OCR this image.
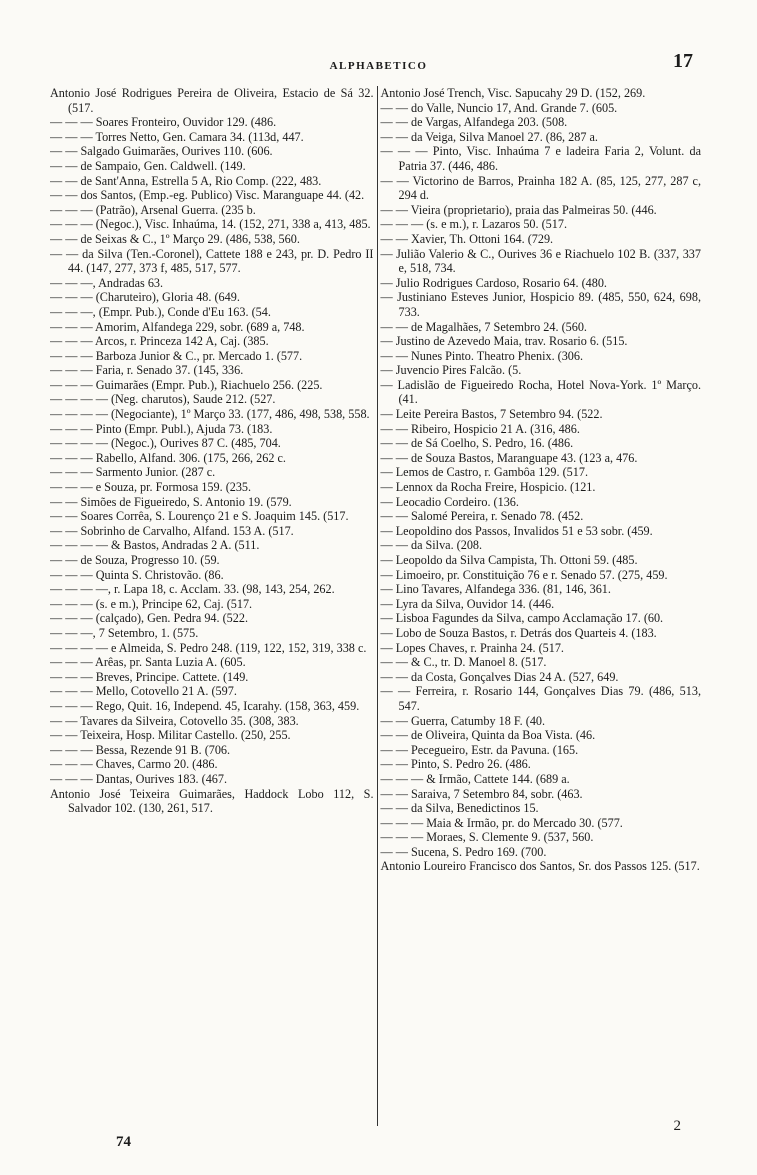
ALPHABETICO	17

Antonio José Rodrigues Pereira de Oliveira, Estacio de Sá 32. (517.

— — — Soares Fronteiro, Ouvidor 129. (486.

— — — Torres Netto, Gen. Camara 34. (113d, 447.

— — Salgado Guimarães, Ourives 110. (606.

— — de Sampaio, Gen. Caldwell. (149.

— — de Sant'Anna, Estrella 5 A, Rio Comp. (222, 483.

— — dos Santos, (Emp.-eg. Publico) Visc. Maranguape 44. (42.

— — — (Patrão), Arsenal Guerra. (235 b.

— — — (Negoc.), Visc. Inhaúma, 14. (152, 271, 338 a, 413, 485.

— — de Seixas & C., 1º Março 29. (486, 538, 560.

— — da Silva (Ten.-Coronel), Cattete 188 e 243, pr. D. Pedro II 44. (147, 277, 373 f, 485, 517, 577.

— — —, Andradas 63.

— — — (Charuteiro), Gloria 48. (649.

— — —, (Empr. Pub.), Conde d'Eu 163. (54.

— — — Amorim, Alfandega 229, sobr. (689 a, 748.

— — — Arcos, r. Princeza 142 A, Caj. (385.

— — — Barboza Junior & C., pr. Mercado 1. (577.

— — — Faria, r. Senado 37. (145, 336.

— — — Guimarães (Empr. Pub.), Riachuelo 256. (225.

— — — — (Neg. charutos), Saude 212. (527.

— — — — (Negociante), 1º Março 33. (177, 486, 498, 538, 558.

— — — Pinto (Empr. Publ.), Ajuda 73. (183.

— — — — (Negoc.), Ourives 87 C. (485, 704.

— — — Rabello, Alfand. 306. (175, 266, 262 c.

— — — Sarmento Junior. (287 c.

— — — e Souza, pr. Formosa 159. (235.

— — Simões de Figueiredo, S. Antonio 19. (579.

— — Soares Corrêa, S. Lourenço 21 e S. Joaquim 145. (517.

— — Sobrinho de Carvalho, Alfand. 153 A. (517.

— — — — & Bastos, Andradas 2 A. (511.

— — de Souza, Progresso 10. (59.

— — — Quinta S. Christovão. (86.

— — — —, r. Lapa 18, c. Acclam. 33. (98, 143, 254, 262.

— — — (s. e m.), Principe 62, Caj. (517.

— — — (calçado), Gen. Pedra 94. (522.

— — —, 7 Setembro, 1. (575.

— — — — e Almeida, S. Pedro 248. (119, 122, 152, 319, 338 c.

— — — Arêas, pr. Santa Luzia A. (605.

— — — Breves, Principe. Cattete. (149.

— — — Mello, Cotovello 21 A. (597.

— — — Rego, Quit. 16, Independ. 45, Icarahy. (158, 363, 459.

— — Tavares da Silveira, Cotovello 35. (308, 383.

— — Teixeira, Hosp. Militar Castello. (250, 255.

— — — Bessa, Rezende 91 B. (706.

— — — Chaves, Carmo 20. (486.

— — — Dantas, Ourives 183. (467.

Antonio José Teixeira Guimarães, Haddock Lobo 112, S. Salvador 102. (130, 261, 517.

Antonio José Trench, Visc. Sapucahy 29 D. (152, 269.

— — do Valle, Nuncio 17, And. Grande 7. (605.

— — de Vargas, Alfandega 203. (508.

— — da Veiga, Silva Manoel 27. (86, 287 a.

— — — Pinto, Visc. Inhaúma 7 e ladeira Faria 2, Volunt. da Patria 37. (446, 486.

— — Victorino de Barros, Prainha 182 A. (85, 125, 277, 287 c, 294 d.

— — Vieira (proprietario), praia das Palmeiras 50. (446.

— — — (s. e m.), r. Lazaros 50. (517.

— — Xavier, Th. Ottoni 164. (729.

— Julião Valerio & C., Ourives 36 e Riachuelo 102 B. (337, 337 e, 518, 734.

— Julio Rodrigues Cardoso, Rosario 64. (480.

— Justiniano Esteves Junior, Hospicio 89. (485, 550, 624, 698, 733.

— — de Magalhães, 7 Setembro 24. (560.

— Justino de Azevedo Maia, trav. Rosario 6. (515.

— — Nunes Pinto. Theatro Phenix. (306.

— Juvencio Pires Falcão. (5.

— Ladislão de Figueiredo Rocha, Hotel Nova-York. 1º Março. (41.

— Leite Pereira Bastos, 7 Setembro 94. (522.

— — Ribeiro, Hospicio 21 A. (316, 486.

— — de Sá Coelho, S. Pedro, 16. (486.

— — de Souza Bastos, Maranguape 43. (123 a, 476.

— Lemos de Castro, r. Gambôa 129. (517.

— Lennox da Rocha Freire, Hospicio. (121.

— Leocadio Cordeiro. (136.

— — Salomé Pereira, r. Senado 78. (452.

— Leopoldino dos Passos, Invalidos 51 e 53 sobr. (459.

— — da Silva. (208.

— Leopoldo da Silva Campista, Th. Ottoni 59. (485.

— Limoeiro, pr. Constituição 76 e r. Senado 57. (275, 459.

— Lino Tavares, Alfandega 336. (81, 146, 361.

— Lyra da Silva, Ouvidor 14. (446.

— Lisboa Fagundes da Silva, campo Acclamação 17. (60.

— Lobo de Souza Bastos, r. Detrás dos Quarteis 4. (183.

— Lopes Chaves, r. Prainha 24. (517.

— — & C., tr. D. Manoel 8. (517.

— — da Costa, Gonçalves Dias 24 A. (527, 649.

— — Ferreira, r. Rosario 144, Gonçalves Dias 79. (486, 513, 547.

— — Guerra, Catumby 18 F. (40.

— — de Oliveira, Quinta da Boa Vista. (46.

— — Pecegueiro, Estr. da Pavuna. (165.

— — Pinto, S. Pedro 26. (486.

— — — & Irmão, Cattete 144. (689 a.

— — Saraiva, 7 Setembro 84, sobr. (463.

— — da Silva, Benedictinos 15.

— — — Maia & Irmão, pr. do Mercado 30. (577.

— — — Moraes, S. Clemente 9. (537, 560.

— — Sucena, S. Pedro 169. (700.

Antonio Loureiro Francisco dos Santos, Sr. dos Passos 125. (517.

74
2
